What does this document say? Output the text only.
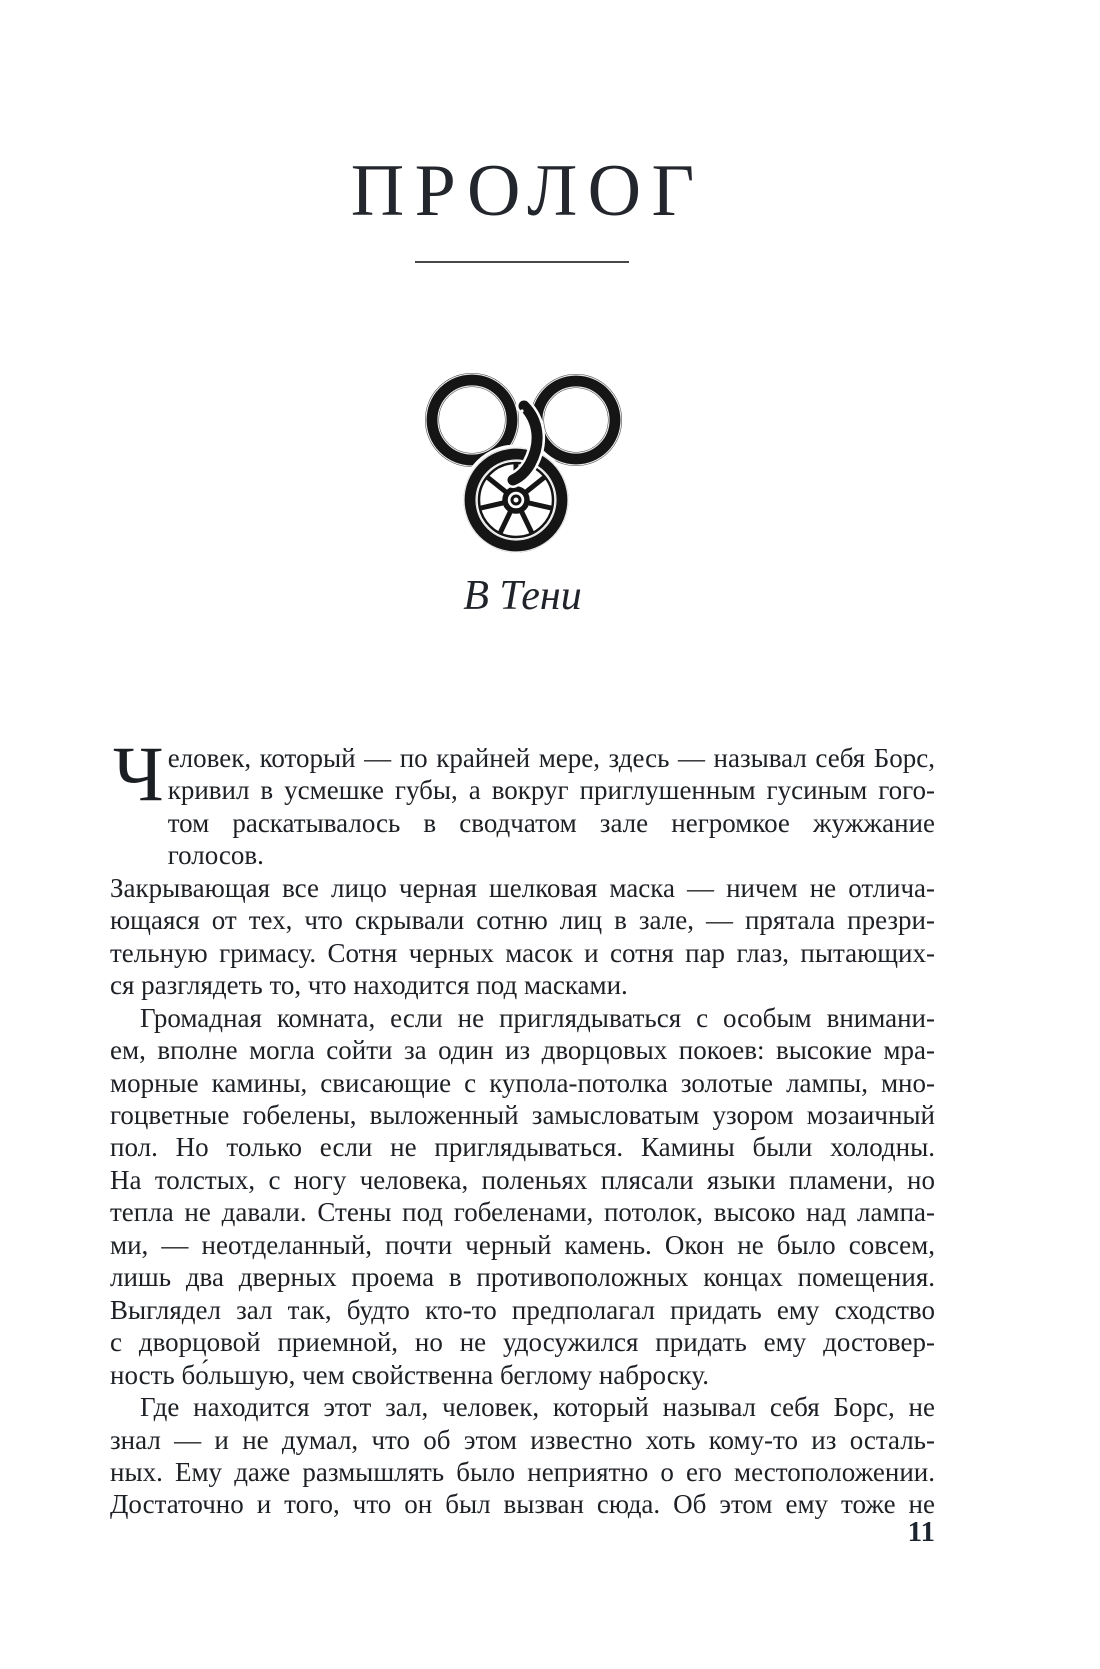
ПРОЛОГ
В Тени
Ч еловек, который — по крайней мере, здесь — называл себя Борс,
кривил в усмешке губы, а вокруг приглушенным гусиным гого-
том раскатывалось в сводчатом зале негромкое жужжание голосов.
Закрывающая все лицо черная шелковая маска — ничем не отлича-
ющаяся от тех, что скрывали сотню лиц в зале, — прятала презри-
тельную гримасу. Сотня черных масок и сотня пар глаз, пытающих-
ся разглядеть то, что находится под масками.
Громадная комната, если не приглядываться с особым внимани-
ем, вполне могла сойти за один из дворцовых покоев: высокие мра-
морные камины, свисающие с купола-потолка золотые лампы, мно-
гоцветные гобелены, выложенный замысловатым узором мозаичный
пол. Но только если не приглядываться. Камины были холодны.
На толстых, с ногу человека, поленьях плясали языки пламени, но
тепла не давали. Стены под гобеленами, потолок, высоко над лампа-
ми, — неотделанный, почти черный камень. Окон не было совсем,
лишь два дверных проема в противоположных концах помещения.
Выглядел зал так, будто кто-то предполагал придать ему сходство
с дворцовой приемной, но не удосужился придать ему достовер-
ность бо́льшую, чем свойственна беглому наброску.
Где находится этот зал, человек, который называл себя Борс, не
знал — и не думал, что об этом известно хоть кому-то из осталь-
ных. Ему даже размышлять было неприятно о его местоположении.
Достаточно и того, что он был вызван сюда. Об этом ему тоже не
11
